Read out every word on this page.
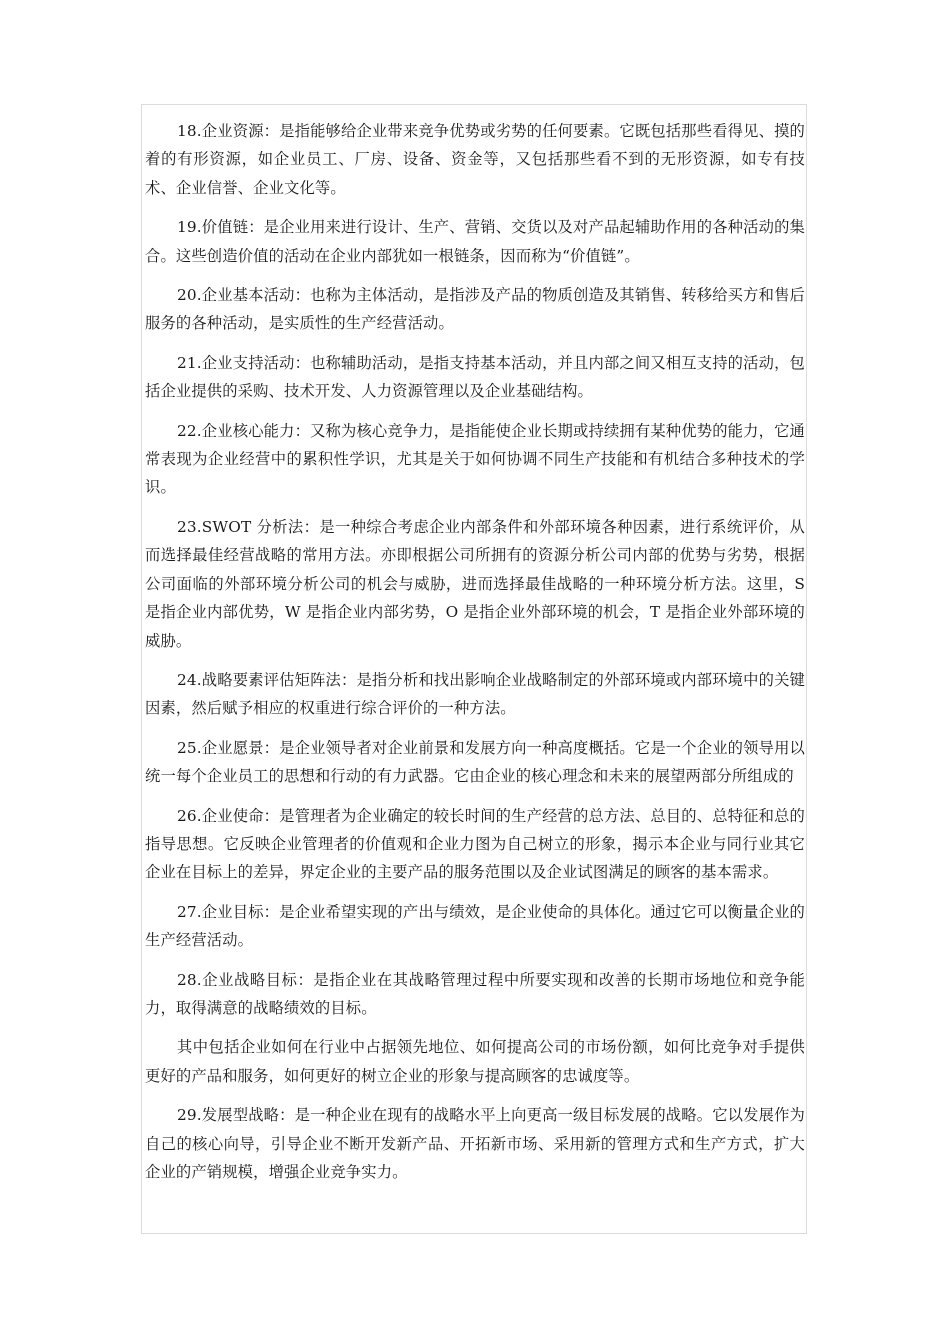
18.企业资源：是指能够给企业带来竞争优势或劣势的任何要素。它既包括那些看得见、摸的着的有形资源，如企业员工、厂房、设备、资金等，又包括那些看不到的无形资源，如专有技术、企业信誉、企业文化等。

19.价值链：是企业用来进行设计、生产、营销、交货以及对产品起辅助作用的各种活动的集合。这些创造价值的活动在企业内部犹如一根链条，因而称为“价值链”。

20.企业基本活动：也称为主体活动，是指涉及产品的物质创造及其销售、转移给买方和售后服务的各种活动，是实质性的生产经营活动。

21.企业支持活动：也称辅助活动，是指支持基本活动，并且内部之间又相互支持的活动，包括企业提供的采购、技术开发、人力资源管理以及企业基础结构。

22.企业核心能力：又称为核心竞争力，是指能使企业长期或持续拥有某种优势的能力，它通常表现为企业经营中的累积性学识，尤其是关于如何协调不同生产技能和有机结合多种技术的学识。

23.SWOT 分析法：是一种综合考虑企业内部条件和外部环境各种因素，进行系统评价，从而选择最佳经营战略的常用方法。亦即根据公司所拥有的资源分析公司内部的优势与劣势，根据公司面临的外部环境分析公司的机会与威胁，进而选择最佳战略的一种环境分析方法。这里，S 是指企业内部优势，W 是指企业内部劣势，O 是指企业外部环境的机会，T 是指企业外部环境的威胁。

24.战略要素评估矩阵法：是指分析和找出影响企业战略制定的外部环境或内部环境中的关键因素，然后赋予相应的权重进行综合评价的一种方法。

25.企业愿景：是企业领导者对企业前景和发展方向一种高度概括。它是一个企业的领导用以统一每个企业员工的思想和行动的有力武器。它由企业的核心理念和未来的展望两部分所组成的

26.企业使命：是管理者为企业确定的较长时间的生产经营的总方法、总目的、总特征和总的指导思想。它反映企业管理者的价值观和企业力图为自己树立的形象，揭示本企业与同行业其它企业在目标上的差异，界定企业的主要产品的服务范围以及企业试图满足的顾客的基本需求。

27.企业目标：是企业希望实现的产出与绩效，是企业使命的具体化。通过它可以衡量企业的生产经营活动。

28.企业战略目标：是指企业在其战略管理过程中所要实现和改善的长期市场地位和竞争能力，取得满意的战略绩效的目标。

其中包括企业如何在行业中占据领先地位、如何提高公司的市场份额，如何比竞争对手提供更好的产品和服务，如何更好的树立企业的形象与提高顾客的忠诚度等。

29.发展型战略：是一种企业在现有的战略水平上向更高一级目标发展的战略。它以发展作为自己的核心向导，引导企业不断开发新产品、开拓新市场、采用新的管理方式和生产方式，扩大企业的产销规模，增强企业竞争实力。
